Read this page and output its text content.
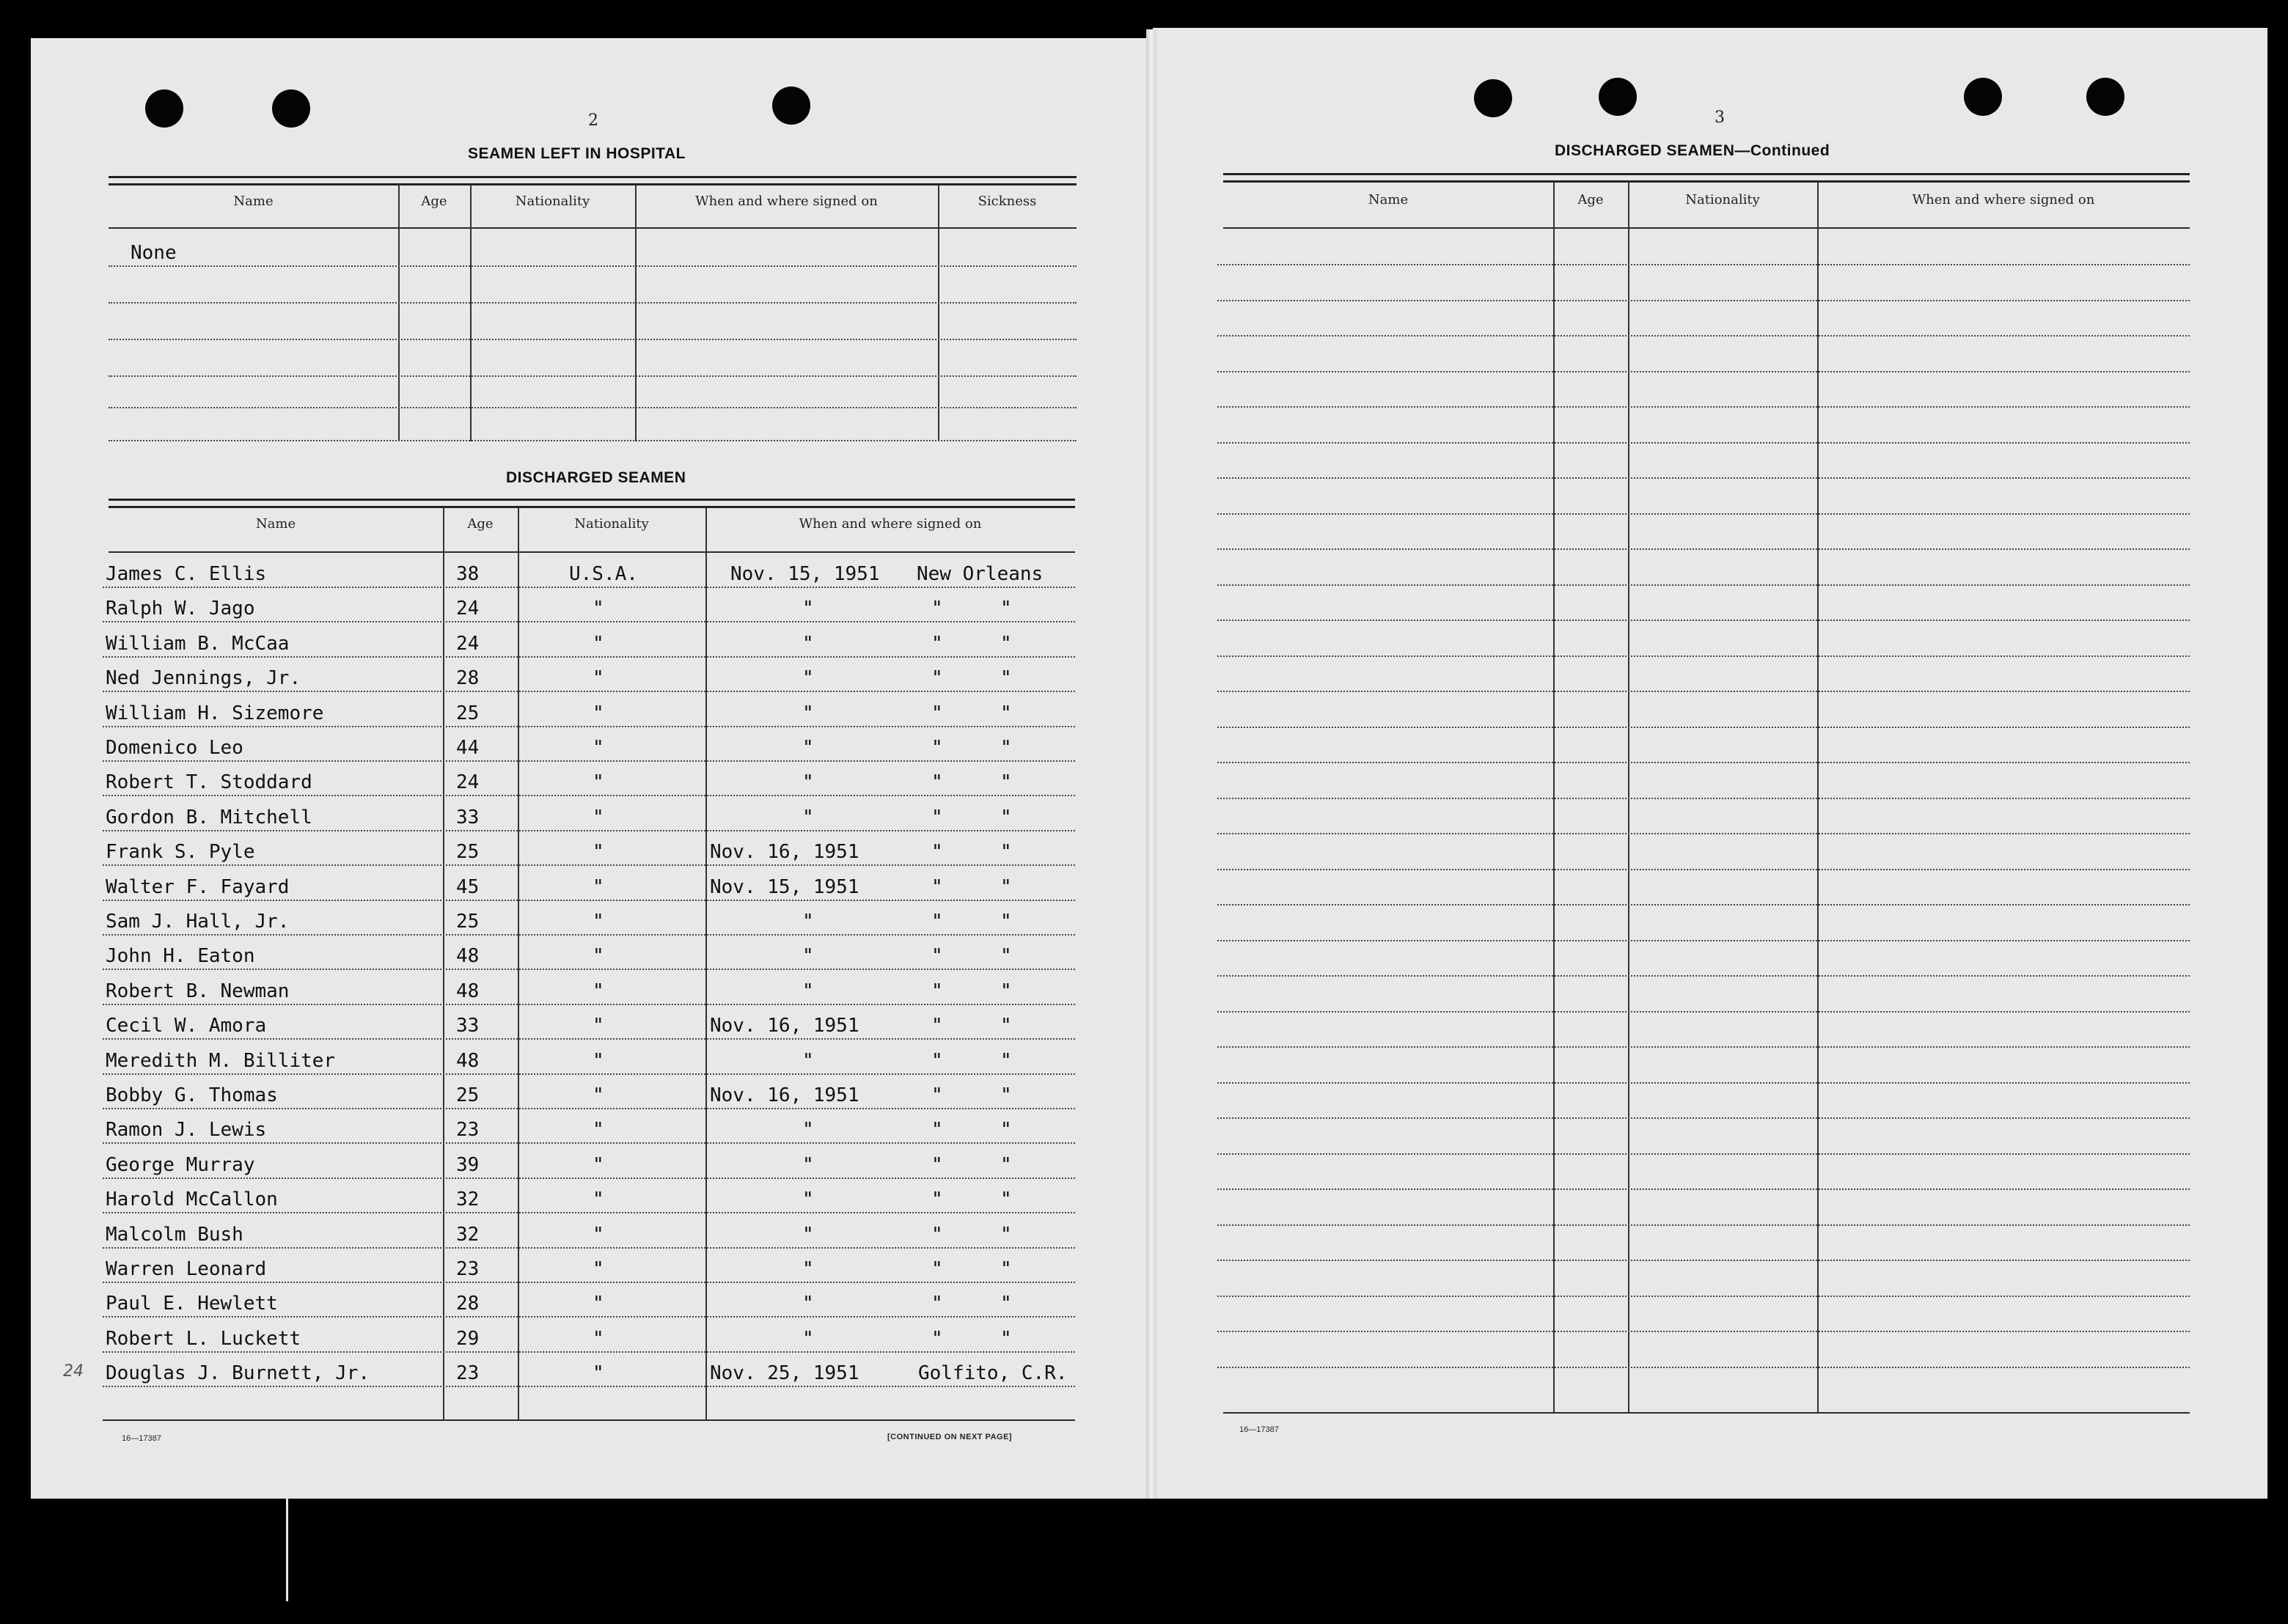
2
SEAMEN LEFT IN HOSPITAL
Name	Age	Nationality	When and where signed on	Sickness
None
DISCHARGED SEAMEN
Name	Age	Nationality	When and where signed on
James C. Ellis	38	U.S.A.	Nov. 15, 1951 New Orleans
Ralph W. Jago	24	"	"	"	"
William B. McCaa	24	"	"	"	"
Ned Jennings, Jr.	28	"	"	"	"
William H. Sizemore	25	"	"	"	"
Domenico Leo	44	"	"	"	"
Robert T. Stoddard	24	"	"	"	"
Gordon B. Mitchell	33	"	"	"	"
Frank S. Pyle	25	"	Nov. 16, 1951	"	"
Walter F. Fayard	45	"	Nov. 15, 1951	"	"
Sam J. Hall, Jr.	25	"	"	"	"
John H. Eaton	48	"	"	"	"
Robert B. Newman	48	"	"	"	"
Cecil W. Amora	33	"	Nov. 16, 1951	"	"
Meredith M. Billiter	48	"	"	"	"
Bobby G. Thomas	25	"	Nov. 16, 1951	"	"
Ramon J. Lewis	23	"	"	"	"
George Murray	39	"	"	"	"
Harold McCallon	32	"	"	"	"
Malcolm Bush	32	"	"	"	"
Warren Leonard	23	"	"	"	"
Paul E. Hewlett	28	"	"	"	"
Robert L. Luckett	29	"	"	"	"
Douglas J. Burnett, Jr.	23	"	Nov. 25, 1951	Golfito, C.R.
24
16—17387	[CONTINUED ON NEXT PAGE]
3
DISCHARGED SEAMEN—Continued
Name	Age	Nationality	When and where signed on
16—17387
